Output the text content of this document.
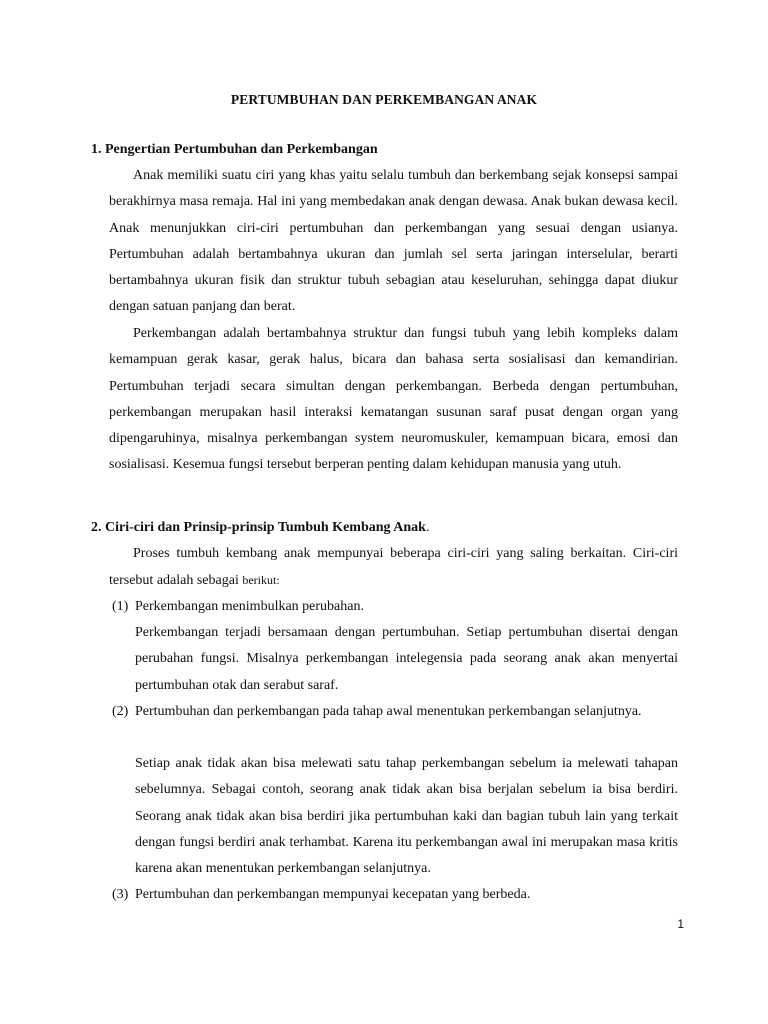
PERTUMBUHAN DAN PERKEMBANGAN ANAK
1. Pengertian Pertumbuhan dan Perkembangan

Anak memiliki suatu ciri yang khas yaitu selalu tumbuh dan berkembang sejak konsepsi sampai berakhirnya masa remaja. Hal ini yang membedakan anak dengan dewasa. Anak bukan dewasa kecil. Anak menunjukkan ciri-ciri pertumbuhan dan perkembangan yang sesuai dengan usianya. Pertumbuhan adalah bertambahnya ukuran dan jumlah sel serta jaringan interselular, berarti bertambahnya ukuran fisik dan struktur tubuh sebagian atau keseluruhan, sehingga dapat diukur dengan satuan panjang dan berat.

Perkembangan adalah bertambahnya struktur dan fungsi tubuh yang lebih kompleks dalam kemampuan gerak kasar, gerak halus, bicara dan bahasa serta sosialisasi dan kemandirian. Pertumbuhan terjadi secara simultan dengan perkembangan. Berbeda dengan pertumbuhan, perkembangan merupakan hasil interaksi kematangan susunan saraf pusat dengan organ yang dipengaruhinya, misalnya perkembangan system neuromuskuler, kemampuan bicara, emosi dan sosialisasi. Kesemua fungsi tersebut berperan penting dalam kehidupan manusia yang utuh.

2. Ciri-ciri dan Prinsip-prinsip Tumbuh Kembang Anak.

Proses tumbuh kembang anak mempunyai beberapa ciri-ciri yang saling berkaitan. Ciri-ciri tersebut adalah sebagai berikut:

(1) Perkembangan menimbulkan perubahan.

Perkembangan terjadi bersamaan dengan pertumbuhan. Setiap pertumbuhan disertai dengan perubahan fungsi. Misalnya perkembangan intelegensia pada seorang anak akan menyertai pertumbuhan otak dan serabut saraf.

(2) Pertumbuhan dan perkembangan pada tahap awal menentukan perkembangan selanjutnya.

Setiap anak tidak akan bisa melewati satu tahap perkembangan sebelum ia melewati tahapan sebelumnya. Sebagai contoh, seorang anak tidak akan bisa berjalan sebelum ia bisa berdiri. Seorang anak tidak akan bisa berdiri jika pertumbuhan kaki dan bagian tubuh lain yang terkait dengan fungsi berdiri anak terhambat. Karena itu perkembangan awal ini merupakan masa kritis karena akan menentukan perkembangan selanjutnya.

(3) Pertumbuhan dan perkembangan mempunyai kecepatan yang berbeda.
1
